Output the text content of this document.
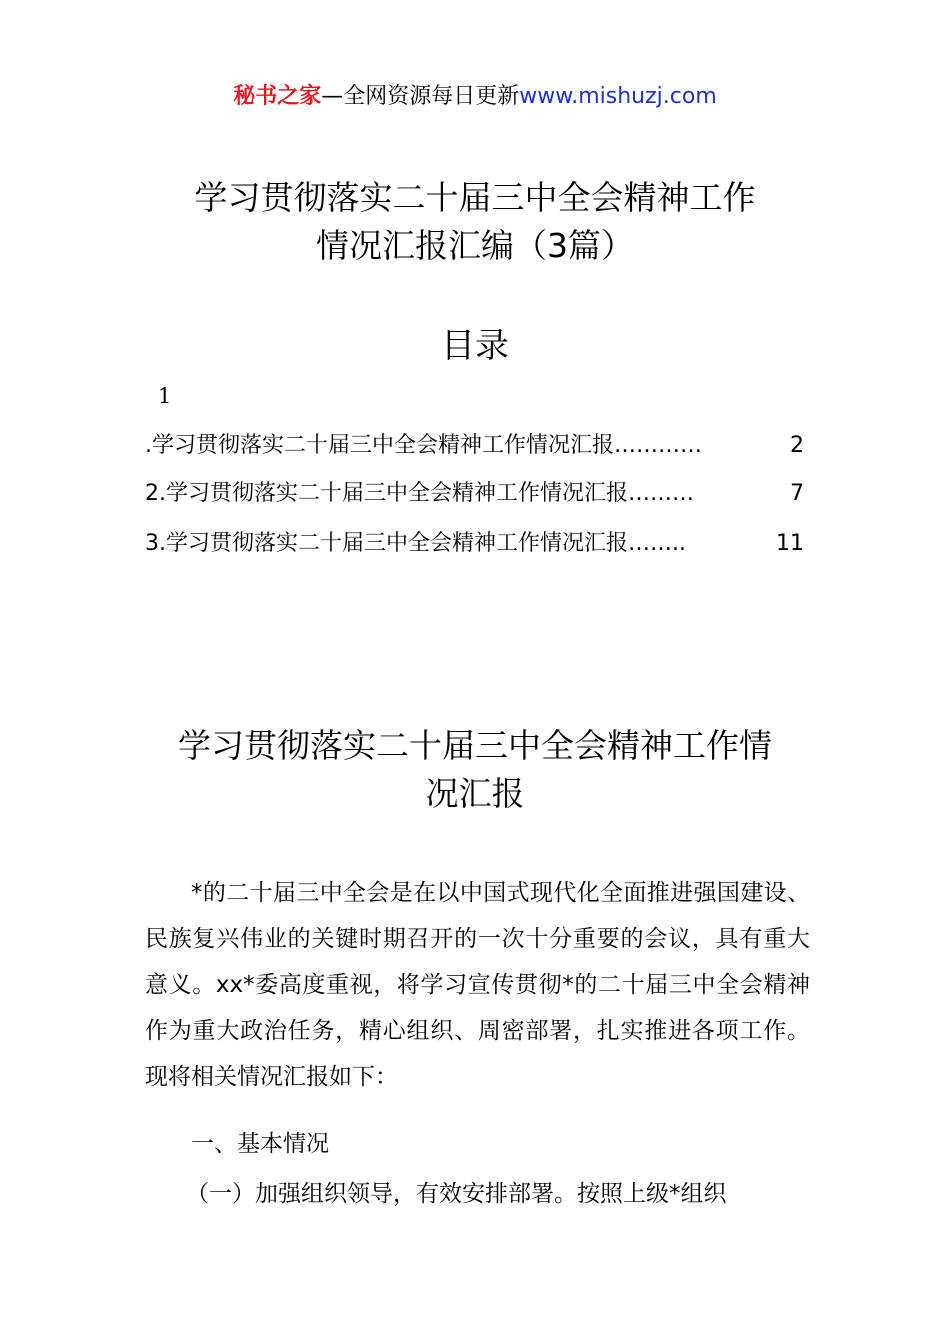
秘书之家—全网资源每日更新www.mishuzj.com
学习贯彻落实二十届三中全会精神工作
情况汇报汇编（3篇）
目录
1
.学习贯彻落实二十届三中全会精神工作情况汇报…………	2
2.学习贯彻落实二十届三中全会精神工作情况汇报………	7
3.学习贯彻落实二十届三中全会精神工作情况汇报……..	11
学习贯彻落实二十届三中全会精神工作情
况汇报
*的二十届三中全会是在以中国式现代化全面推进强国建设、民族复兴伟业的关键时期召开的一次十分重要的会议，具有重大意义。xx*委高度重视，将学习宣传贯彻*的二十届三中全会精神作为重大政治任务，精心组织、周密部署，扎实推进各项工作。现将相关情况汇报如下：
一、基本情况
（一）加强组织领导，有效安排部署。按照上级*组织
